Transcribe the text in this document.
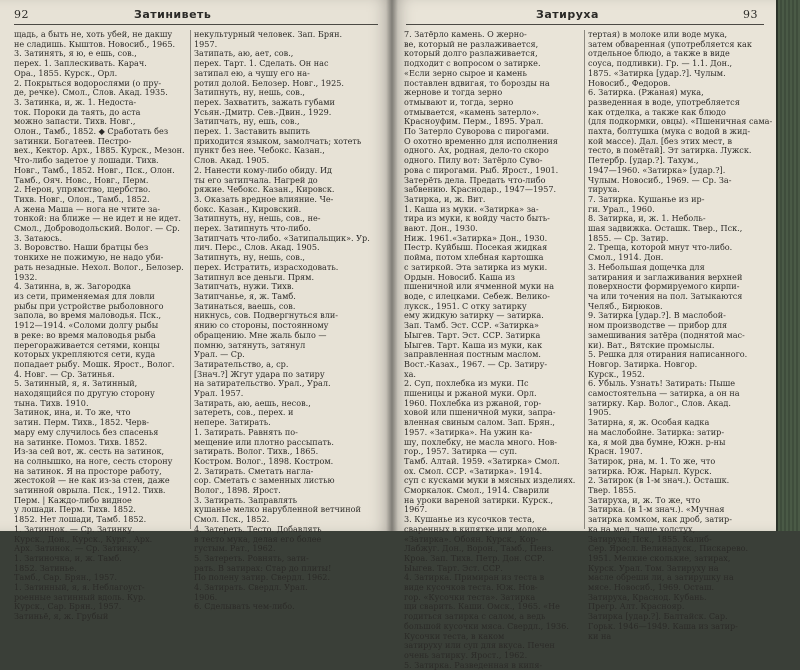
92	Затиниветь
щадь, а быть не, хоть убей, не дакшу
не сладишь. Кыштов. Новосиб., 1965.
3. Затинять, я ю, е ешь, сов.,
перех. 1. Заплескивать. Карач.
Ора., 1855. Курск., Орл.
2. Покрыться водорослями (о пру-
де, речке). Смол., Слов. Акад. 1935.
3. Затинка, и, ж. 1. Недоста-
ток. Пороки да таять, до аста
можно запасти. Тихв. Новг.,
Олон., Тамб., 1852. ◆ Сработать без
затинки. Богатеев. Пестро-
вех., Кектор. Арх., 1885. Курск., Мезон.
Что-либо задетое у лошади. Тихв.
Новг., Тамб., 1852. Новг., Пск., Олон.
Тамб., Ояч. Новс., Новг., Перм.
2. Нерон, упрямство, щербство.
Тихв. Новг., Олон., Тамб., 1852.
А жена Маша — нога не чтите за-
тонкой: на ближе — не идет и не идет.
Смол., Доброводольский. Волог. — Ср.
3. Затаюсь.
3. Воровство. Наши братцы без
тонкихе не пожимую, не надо уби-
рать незадные. Нехол. Волог., Белозер.
1932.
4. Затинна, в, ж. Загородка
из сети, применяемая для ловли
рыбы при устройстве рыболовного
запола, во время маловодья. Пск.,
1912—1914. «Соломи долгу рыбы
в реке: во время маловодья рыба
перегораживается сетями, концы
которых укрепляются сети, куда
попадает рыбу. Мошк. Ярост., Волог.
4. Новг. — Ср. Затинья.
5. Затинный, я, я. Затинный,
находящийся по другую сторону
тына. Тихв. 1910.
Затинок, ина, и. То же, что
затин. Перм. Тихв., 1852. Черв-
мару ему случилось без спасенья
на затинке. Помоз. Тихв. 1852.
Из-за сей вот, ж. сесть на затинок,
на солнышко, на ноге, сесть сторону
на затинок. Я на просторе работу,
жестокой — не как из-за стен, даже
затинной оврыла. Пск., 1912. Тихв.
Перм. | Каждо-либо видное
у лошади. Перм. Тихв. 1852.
1852. Нет лошади, Тамб. 1852.
1. Затиннок. — Ср. Затинку.
Курск., Дон., Курск., Кург., Арх.
Арх. Затинок. — Ср. Затинку.
1. Затиночка, и, ж. Тамб.
1852. Затинье.
Тамб., Сар. Брян., 1957.
1. Затинный, я, я. Неблагоуст-
роенные затинный вдоль. Кур.
Курск., Сар. Брян., 1957.
Затиньё, я, ж. Грубый
некультурный человек. Зап. Брян.
1957.
Затипать, аю, ает, сов.,
перех. Тарт. 1. Сделать. Он нас
затипал ею, а чушу его на-
ротил долой. Белозер. Новг., 1925.
Затипнуть, ну, нешь, сов.,
перех. Захватить, зажать губами
Усьян.-Дмитр. Сев.-Двин., 1929.
Затипчать, ну, ешь, сов.,
перех. 1. Заставить выпить
приходится языком, замолчать; хотеть
пункт без нее. Чебокс. Казан.,
Слов. Акад. 1905.
2. Нанести кому-либо обиду. Ид
ты его затипчала. Нагрей до
ряжие. Чебокс. Казан., Кировск.
3. Оказать вредное влияние. Че-
бокс. Казан., Кировский.
Затипнуть, ну, нешь, сов., не-
перех. Затипнуть что-либо.
Затипчать что-либо. «Затипальщик». Ур.
лич. Перс., Слов. Акад. 1905.
Затипнуть, ну, нешь, сов.,
перех. Истратить, израсходовать.
Затипнул все деньги. Прям.
Затипчать, нужи. Тихв.
Затипчанье, я, ж. Тамб.
Затинаться, ваешь, сов.
никнусь, сов. Подвергнуться вли-
янию со стороны, постоянному
обращению. Мне жаль было —
помню, затянуть, затянул
Урал. — Ср.
Затирательство, а, ср.
[Знач.?] Жгут удара по затиру
на затирательство. Урал., Урал.
Урал. 1957.
Затирать, аю, аешь, несов.,
затереть, сов., перех. и
непере. Затирать.
1. Затирать. Равнять по-
мещение или плотно рассыпать.
затирать. Волог. Тихв., 1865.
Костром. Волог., 1898. Костром.
2. Затирать. Сметать нагла-
сор. Сметать с заменных листью
Волог., 1898. Ярост.
3. Затирать. Заправлять
кушанье мелко нарубленной ветчиной
Смол. Пск., 1852.
4. Затереть. Тесто. Добавлять
в тесто мука, делая его более
густым. Рат., 1962.
5. Затереть. Ровнять, зати-
рать. В затирах: Стар до плиты!
По полену затир. Свердл. 1962.
4. Затирать. Свердл. Урал.
1906.
6. Сделывать чем-либо.
Затируха	93
7. Затёрло камень. О жерно-
ве, который не разлаживается,
который долго разлаживается,
подходит с вопросом о затирке.
«Если зерно сырое и камень
поставлен вдвигая, то борозды на
жернове и тогда зерно
отмывают и, тогда, зерно
отмывается, «камень затерло».
Красноуфим. Перм., 1895. Урал.
По Затерло Суворова с пирогами.
О охотно временно для исполнения
одного. Ах, родная, дело-то скоро
одного. Пилу вот: Затёрло Суво-
рова с пирогами. Рыб. Ярост., 1901.
Затерёть дела. Предать что-либо
забвению. Краснодар., 1947—1957.
Затирка, и, ж. Вит.
1. Каша из муки. «Затирка» за-
тира из муки, к войду часто быть-
вают. Дон., 1930.
Ниж. 1961.«Затирка» Дон., 1930.
Пестр. Куйбыш. Посекая жидкая
пойма, потом хлебная картошка
с затиркой. Эта затирка из муки.
Ордын. Новосиб. Каша из
пшеничной или ячменной муки на
воде, с илецками. Себеж. Велико-
лукск., 1951. С отку затирку
ему жидкую затирку — затирка.
Зап. Тамб. Эст. ССР. «Затирка»
Ыыгев. Тарт. Эст. ССР. Затирка
Ыыгев. Тарт. Каша из муки, как
заправленная постным маслом.
Вост.-Казах., 1967. — Ср. Затиру-
ха.
2. Суп, похлебка из муки. Пс
пшеницы и ржаной муки. Орл.
1960. Похлебка из ржаной, гор-
ховой или пшеничной муки, запра-
вленная свиным салом. Зап. Брян.,
1957. «Затирка». На ужин ка-
шу, похлебку, не масла много. Нов-
гор., 1957. Затирка — суп.
Тамб. Алтай. 1959. «Затирка» Смол.
ох. Смол. ССР. «Затирка». 1914.
суп с кусками муки в мясных изделиях.
Сморкалок. Смол., 1914. Сварили
на уроки вареной затирки. Курск.,
1967.
3. Кушанье из кусочков теста,
сваренных в кипятке или молоке.
«Затирка». Обоян. Курск., Кор-
Лабжуг. Дон., Ворон., Тамб., Пенз.
Кроа. Зап. Тихв. Петр. Дон. ССР.
Ыыгев. Тарт. Эст. ССР.
4. Затирка. Примиран из теста в
виде кусочков теста. Юж. Нов-
гор. «Кусочки теста». Затирка
щи сварить. Каши. Омск., 1965. «Не
годиться затирка с салом, а ведь
большой кусочки мяса. Свердл., 1936.
Кусочки теста, в каком
затируху или суп для вкуса. Печен
очень затирку. Ярост., 1962.
5. Затирка. Разведенная в кипя-
тертая) в молоке или воде мука,
затем обваренная (употребляется как
отдельное блюдо, а также в виде
соуса, подливки). Гр. — 1.1. Дон.,
1875. «Затирка [удар.?]. Чулым.
Новосиб., Федоров.
6. Затирка. (Ржаная) мука,
разведенная в воде, употребляется
как отделка, а также как блюдо
(для подкормки, овцы). «Пшеничная сама-
пахта, болтушка (мука с водой в жид-
кой массе). Дал. [без этих мест, в
тесто, в помётай]. Эт затирка. Лужск.
Петербр. [удар.?]. Тахум.,
1947—1960. «Затирка» [удар.?].
Чулым. Новосиб., 1969. — Ср. За-
тируха.
7. Затирка. Кушанье из ир-
ги. Урал., 1960.
8. Затирка, и, ж. 1. Неболь-
шая задвижка. Осташк. Твер., Пск.,
1855. — Ср. Затир.
2. Треща, которой мнут что-либо.
Смол., 1914. Дон.
3. Небольшая дощечка для
затирания и заглаживания верхней
поверхности формируемого кирпи-
ча или точения на пол. Затыкаются
Челяб., Бирюков.
9. Затирка [удар.?]. В маслобой-
ном производстве — прибор для
замешивания затёра (поднятой мас-
ки). Ват., Вятские промыслы.
5. Решка для отирания написанного.
Новгор. Затирка. Новгор.
Курск., 1952.
6. Убыль. Узнать! Затирать: Пыше
самостоятельна — затирка, а он на
затирку. Кар. Волог., Слов. Акад.
1905.
Затирна, я, ж. Особая кадка
на маслобойне. Затирка: затир-
ка, я мой два бумне, Южн. р-ны
Красн. 1907.
Затирок, рна, м. 1. То же, что
затирка. Юж. Нарыл. Курск.
2. Затирок (в 1-м знач.). Осташк.
Твер. 1855.
Затируха, и, ж. То же, что
Затирка. (в 1-м знач.). «Мучная
затирка комком, как дроб, затир-
ка на мел, чаще холстух,
Затируха; Пск., 1855. Калиб-
Сер. Яросл. Велинадуск., Пискарево.
1951. Мелкие сколькие, затирах,
Курск. Урал. Том. Затируху на
масле обреши ли, а затирушку на
мясе. Новосиб., 1969. Осташ.
Затируха, Краснод. Кубань.
Прегр. Алт. Краснояр.
Затирка [удар.?]. Балтайск. Сар.
Горьк. 1946—1949. Каша из затир-
ки на
